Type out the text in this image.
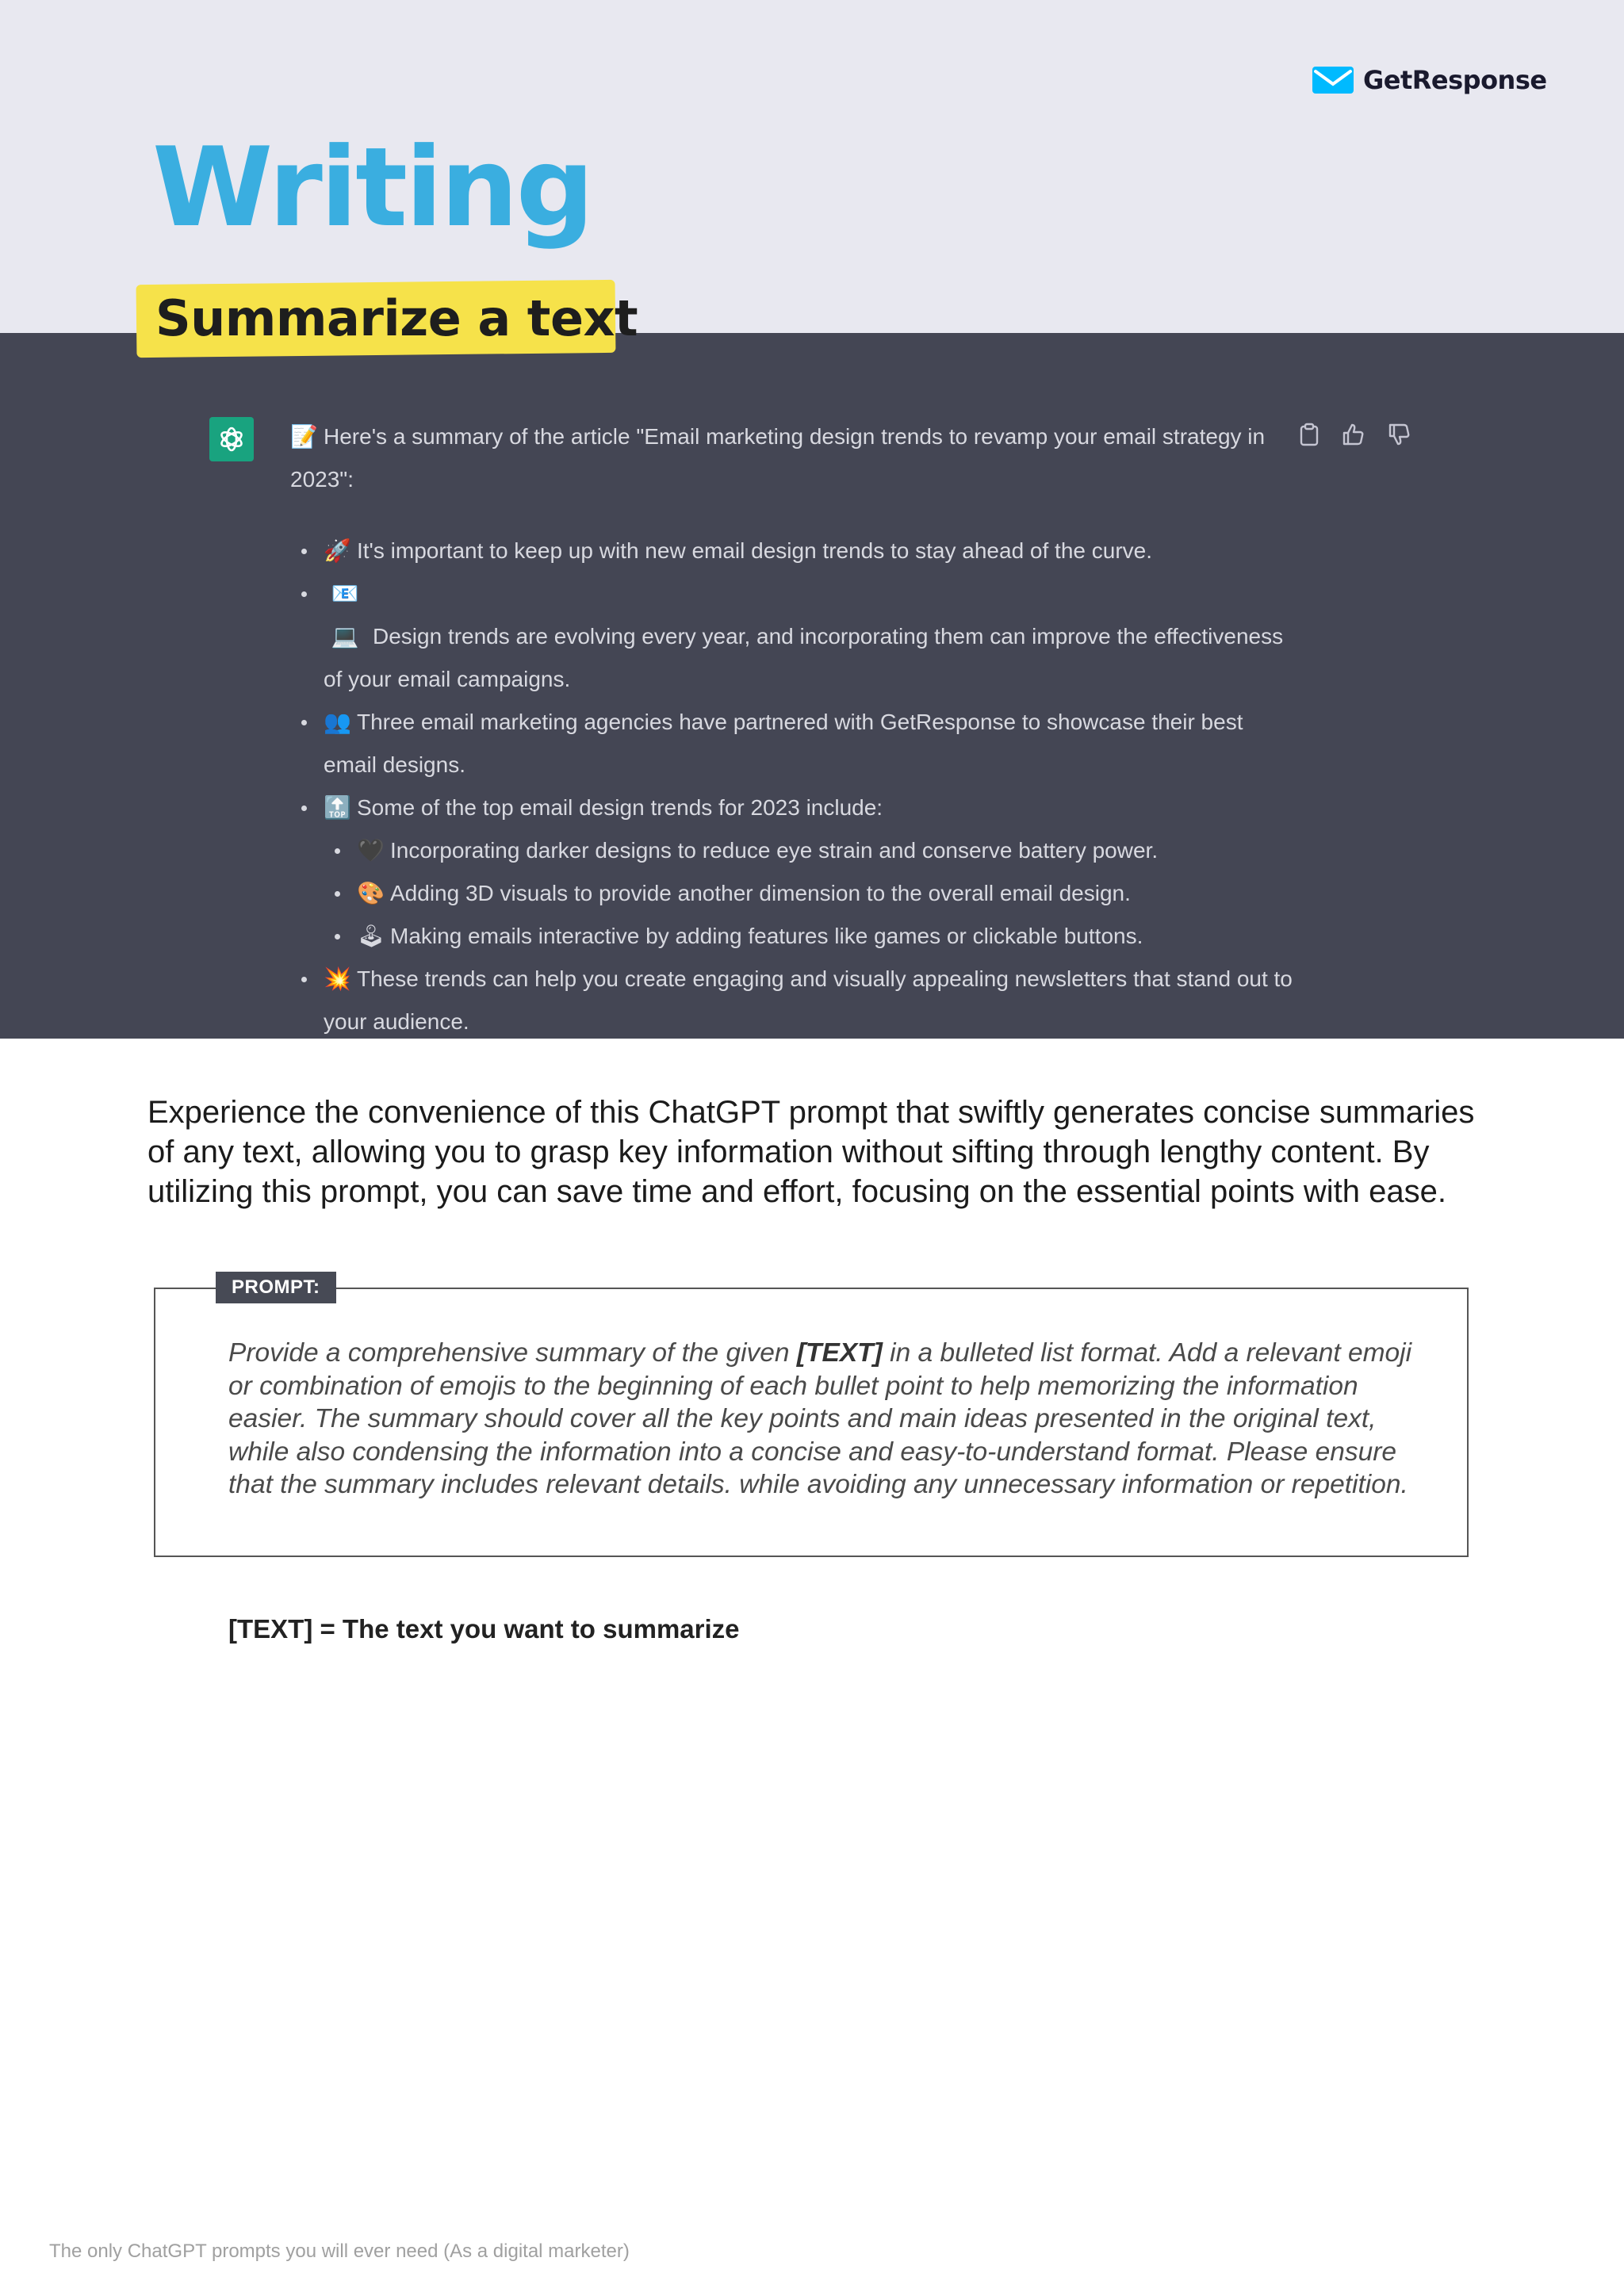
GetResponse
Writing
Summarize a text

📝 Here's a summary of the article "Email marketing design trends to revamp your email strategy in 2023":

🚀 It's important to keep up with new email design trends to stay ahead of the curve.
📧💻 Design trends are evolving every year, and incorporating them can improve the effectiveness of your email campaigns.
👥 Three email marketing agencies have partnered with GetResponse to showcase their best email designs.
🔝 Some of the top email design trends for 2023 include:
🖤 Incorporating darker designs to reduce eye strain and conserve battery power.
🎨 Adding 3D visuals to provide another dimension to the overall email design.
🕹 Making emails interactive by adding features like games or clickable buttons.
💥 These trends can help you create engaging and visually appealing newsletters that stand out to your audience.
Experience the convenience of this ChatGPT prompt that swiftly generates concise summaries of any text, allowing you to grasp key information without sifting through lengthy content. By utilizing this prompt, you can save time and effort, focusing on the essential points with ease.
PROMPT:
Provide a comprehensive summary of the given [TEXT] in a bulleted list format. Add a relevant emoji or combination of emojis to the beginning of each bullet point to help memorizing the information easier. The summary should cover all the key points and main ideas presented in the original text, while also condensing the information into a concise and easy-to-understand format. Please ensure that the summary includes relevant details. while avoiding any unnecessary information or repetition.
[TEXT] = The text you want to summarize
The only ChatGPT prompts you will ever need (As a digital marketer)
